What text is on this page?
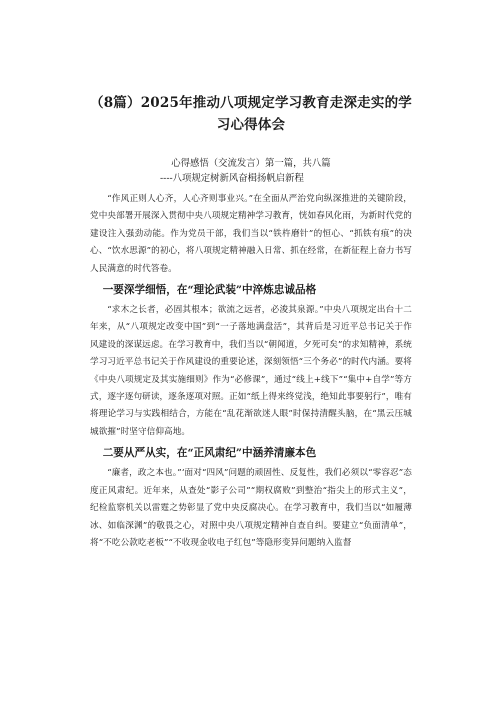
（8篇）2025年推动八项规定学习教育走深走实的学习心得体会
心得感悟（交流发言）第一篇，共八篇
----八项规定树新风奋楫扬帆启新程

“作风正则人心齐，人心齐则事业兴。”在全面从严治党向纵深推进的关键阶段，党中央部署开展深入贯彻中央八项规定精神学习教育，恍如春风化雨，为新时代党的建设注入强劲动能。作为党员干部，我们当以“铁杵磨针”的恒心、“抓铁有痕”的决心、“饮水思源”的初心，将八项规定精神融入日常、抓在经常，在新征程上奋力书写人民满意的时代答卷。

一要深学细悟，在“理论武装”中淬炼忠诚品格

“求木之长者，必固其根本；欲流之远者，必浚其泉源。”中央八项规定出台十二年来，从“八项规定改变中国”到“一子落地满盘活”，其背后是习近平总书记关于作风建设的深谋远虑。在学习教育中，我们当以“朝闻道，夕死可矣”的求知精神，系统学习习近平总书记关于作风建设的重要论述，深刻领悟“三个务必”的时代内涵。要将《中央八项规定及其实施细则》作为“必修课”，通过“线上+线下”“集中+自学”等方式，逐字逐句研读，逐条逐项对照。正如“纸上得来终觉浅，绝知此事要躬行”，唯有将理论学习与实践相结合，方能在“乱花渐欲迷人眼”时保持清醒头脑，在“黑云压城城欲摧”时坚守信仰高地。

二要从严从实，在“正风肃纪”中涵养清廉本色

“廉者，政之本也。”‘面对“四风”问题的顽固性、反复性，我们必须以“零容忍”态度正风肃纪。近年来，从查处“影子公司”“期权腐败”到整治“指尖上的形式主义”，纪检监察机关以雷霆之势彰显了党中央反腐决心。在学习教育中，我们当以“如履薄冰、如临深渊”的敬畏之心，对照中央八项规定精神自查自纠。要建立“负面清单”，将“不吃公款吃老板”“不收现金收电子红包”等隐形变异问题纳入监督
